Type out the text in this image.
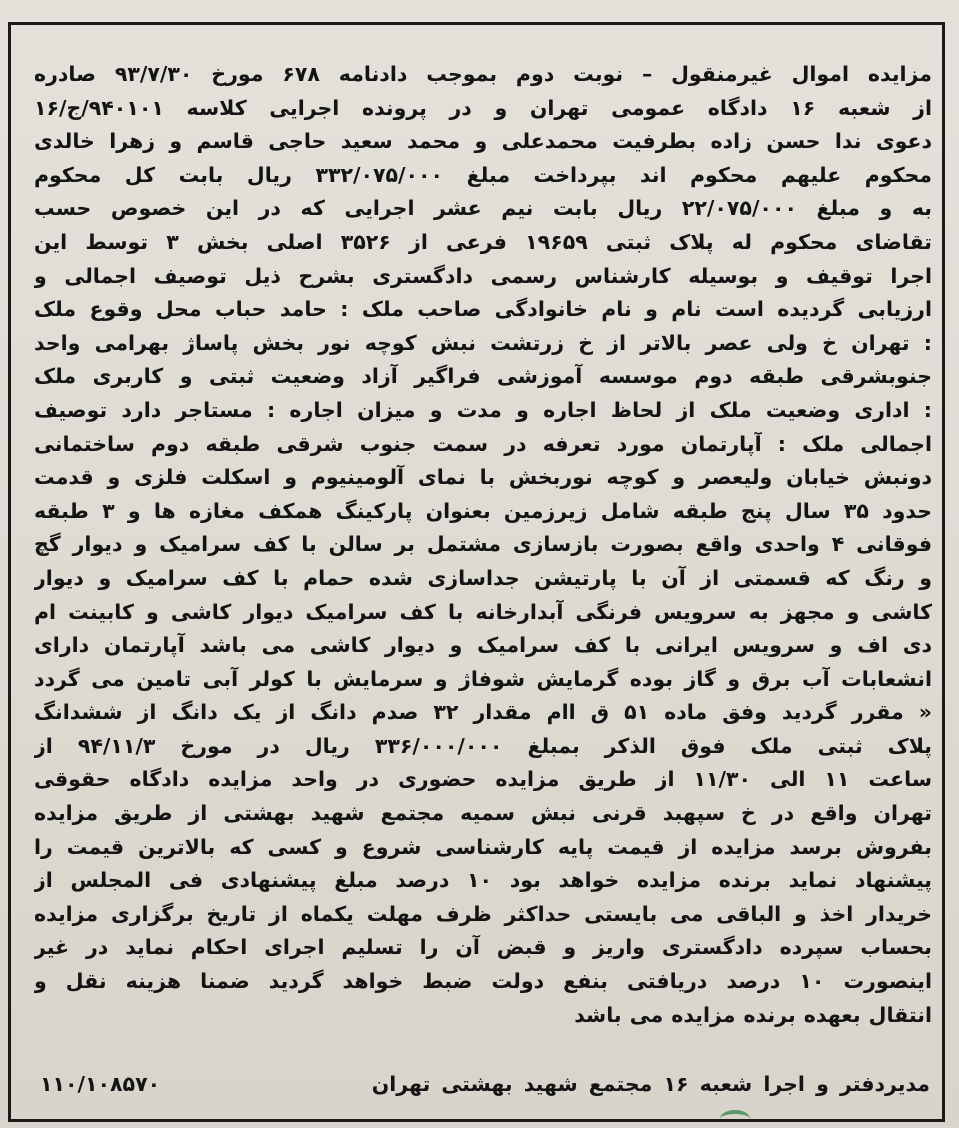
مزایده اموال غیرمنقول – نوبت دوم بموجب دادنامه ۶۷۸ مورخ ۹۳/۷/۳۰ صادره
از شعبه ۱۶ دادگاه عمومی تهران و در پرونده اجرایی کلاسه ۹۴۰۱۰۱/ج/۱۶
دعوی ندا حسن زاده بطرفیت محمدعلی و محمد سعید حاجی قاسم و زهرا خالدی
محکوم علیهم محکوم اند بپرداخت مبلغ ۳۳۲/۰۷۵/۰۰۰ ریال بابت کل محکوم
به و مبلغ ۲۲/۰۷۵/۰۰۰ ریال بابت نیم عشر اجرایی که در این خصوص حسب
تقاضای محکوم له پلاک ثبتی ۱۹۶۵۹ فرعی از ۳۵۲۶ اصلی بخش ۳ توسط این
اجرا توقیف و بوسیله کارشناس رسمی دادگستری بشرح ذیل توصیف اجمالی و
ارزیابی گردیده است نام و نام خانوادگی صاحب ملک : حامد حباب محل وقوع ملک
: تهران خ ولی عصر بالاتر از خ زرتشت نبش کوچه نور بخش پاساژ بهرامی واحد
جنوبشرقی طبقه دوم موسسه آموزشی فراگیر آزاد وضعیت ثبتی و کاربری ملک
: اداری وضعیت ملک از لحاظ اجاره و مدت و میزان اجاره : مستاجر دارد توصیف
اجمالی ملک : آپارتمان مورد تعرفه در سمت جنوب شرقی طبقه دوم ساختمانی
دونبش خیابان ولیعصر و کوچه نوربخش با نمای آلومینیوم و اسکلت فلزی و قدمت
حدود ۳۵ سال پنج طبقه شامل زیرزمین بعنوان پارکینگ همکف مغازه ها و ۳ طبقه
فوقانی ۴ واحدی واقع بصورت بازسازی مشتمل بر سالن با کف سرامیک و دیوار گچ
و رنگ که قسمتی از آن با پارتیشن جداسازی شده حمام با کف سرامیک و دیوار
کاشی و مجهز به سرویس فرنگی آبدارخانه با کف سرامیک دیوار کاشی و کابینت ام
دی اف و سرویس ایرانی با کف سرامیک و دیوار کاشی می باشد آپارتمان دارای
انشعابات آب برق و گاز بوده گرمایش شوفاژ و سرمایش با کولر آبی تامین می گردد
« مقرر گردید وفق ماده ۵۱ ق اام مقدار ۳۲ صدم دانگ از یک دانگ از ششدانگ
پلاک ثبتی ملک فوق الذکر بمبلغ ۳۳۶/۰۰۰/۰۰۰ ریال در مورخ ۹۴/۱۱/۳ از
ساعت ۱۱ الی ۱۱/۳۰ از طریق مزایده حضوری در واحد مزایده دادگاه حقوقی
تهران واقع در خ سپهبد قرنی نبش سمیه مجتمع شهید بهشتی از طریق مزایده
بفروش برسد مزایده از قیمت پایه کارشناسی شروع و کسی که بالاترین قیمت را
پیشنهاد نماید برنده مزایده خواهد بود ۱۰ درصد مبلغ پیشنهادی فی المجلس از
خریدار اخذ و الباقی می بایستی حداکثر ظرف مهلت یکماه از تاریخ برگزاری مزایده
بحساب سپرده دادگستری واریز و قبض آن را تسلیم اجرای احکام نماید در غیر
اینصورت ۱۰ درصد دریافتی بنفع دولت ضبط خواهد گردید ضمنا هزینه نقل و
انتقال بعهده برنده مزایده می باشد
مدیردفتر و اجرا شعبه ۱۶ مجتمع شهید بهشتی تهران
۱۱۰/۱۰۸۵۷۰
